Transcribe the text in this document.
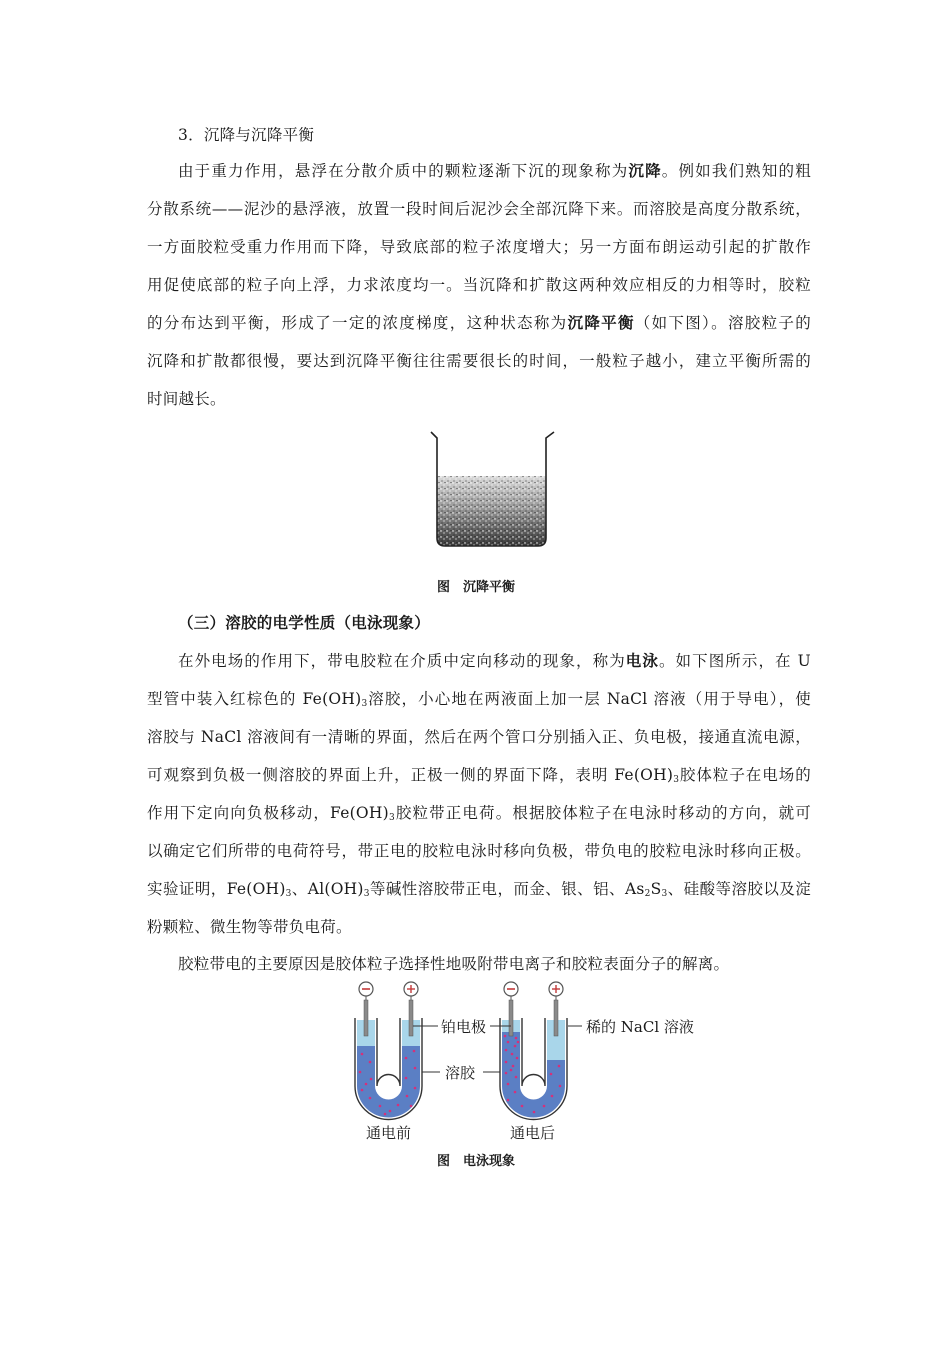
3．沉降与沉降平衡
由于重力作用，悬浮在分散介质中的颗粒逐渐下沉的现象称为沉降。例如我们熟知的粗
分散系统——泥沙的悬浮液，放置一段时间后泥沙会全部沉降下来。而溶胶是高度分散系统，
一方面胶粒受重力作用而下降，导致底部的粒子浓度增大；另一方面布朗运动引起的扩散作
用促使底部的粒子向上浮，力求浓度均一。当沉降和扩散这两种效应相反的力相等时，胶粒
的分布达到平衡，形成了一定的浓度梯度，这种状态称为沉降平衡（如下图）。溶胶粒子的
沉降和扩散都很慢，要达到沉降平衡往往需要很长的时间，一般粒子越小，建立平衡所需的
时间越长。
图　沉降平衡
（三）溶胶的电学性质（电泳现象）
在外电场的作用下，带电胶粒在介质中定向移动的现象，称为电泳。如下图所示，在 U
型管中装入红棕色的 $Fe(OH)_3$溶胶，小心地在两液面上加一层 NaCl 溶液（用于导电），使
溶胶与 NaCl 溶液间有一清晰的界面，然后在两个管口分别插入正、负电极，接通直流电源，
可观察到负极一侧溶胶的界面上升，正极一侧的界面下降，表明 $Fe(OH)_3$胶体粒子在电场的
作用下定向向负极移动，$Fe(OH)_3$胶粒带正电荷。根据胶体粒子在电泳时移动的方向，就可
以确定它们所带的电荷符号，带正电的胶粒电泳时移向负极，带负电的胶粒电泳时移向正极。
实验证明，$Fe(OH)_3$、$Al(OH)_3$等碱性溶胶带正电，而金、银、铝、$As_2S_3$、硅酸等溶胶以及淀
粉颗粒、微生物等带负电荷。
胶粒带电的主要原因是胶体粒子选择性地吸附带电离子和胶粒表面分子的解离。
铂电极	稀的 NaCl 溶液
溶胶
通电前	通电后
图　电泳现象
